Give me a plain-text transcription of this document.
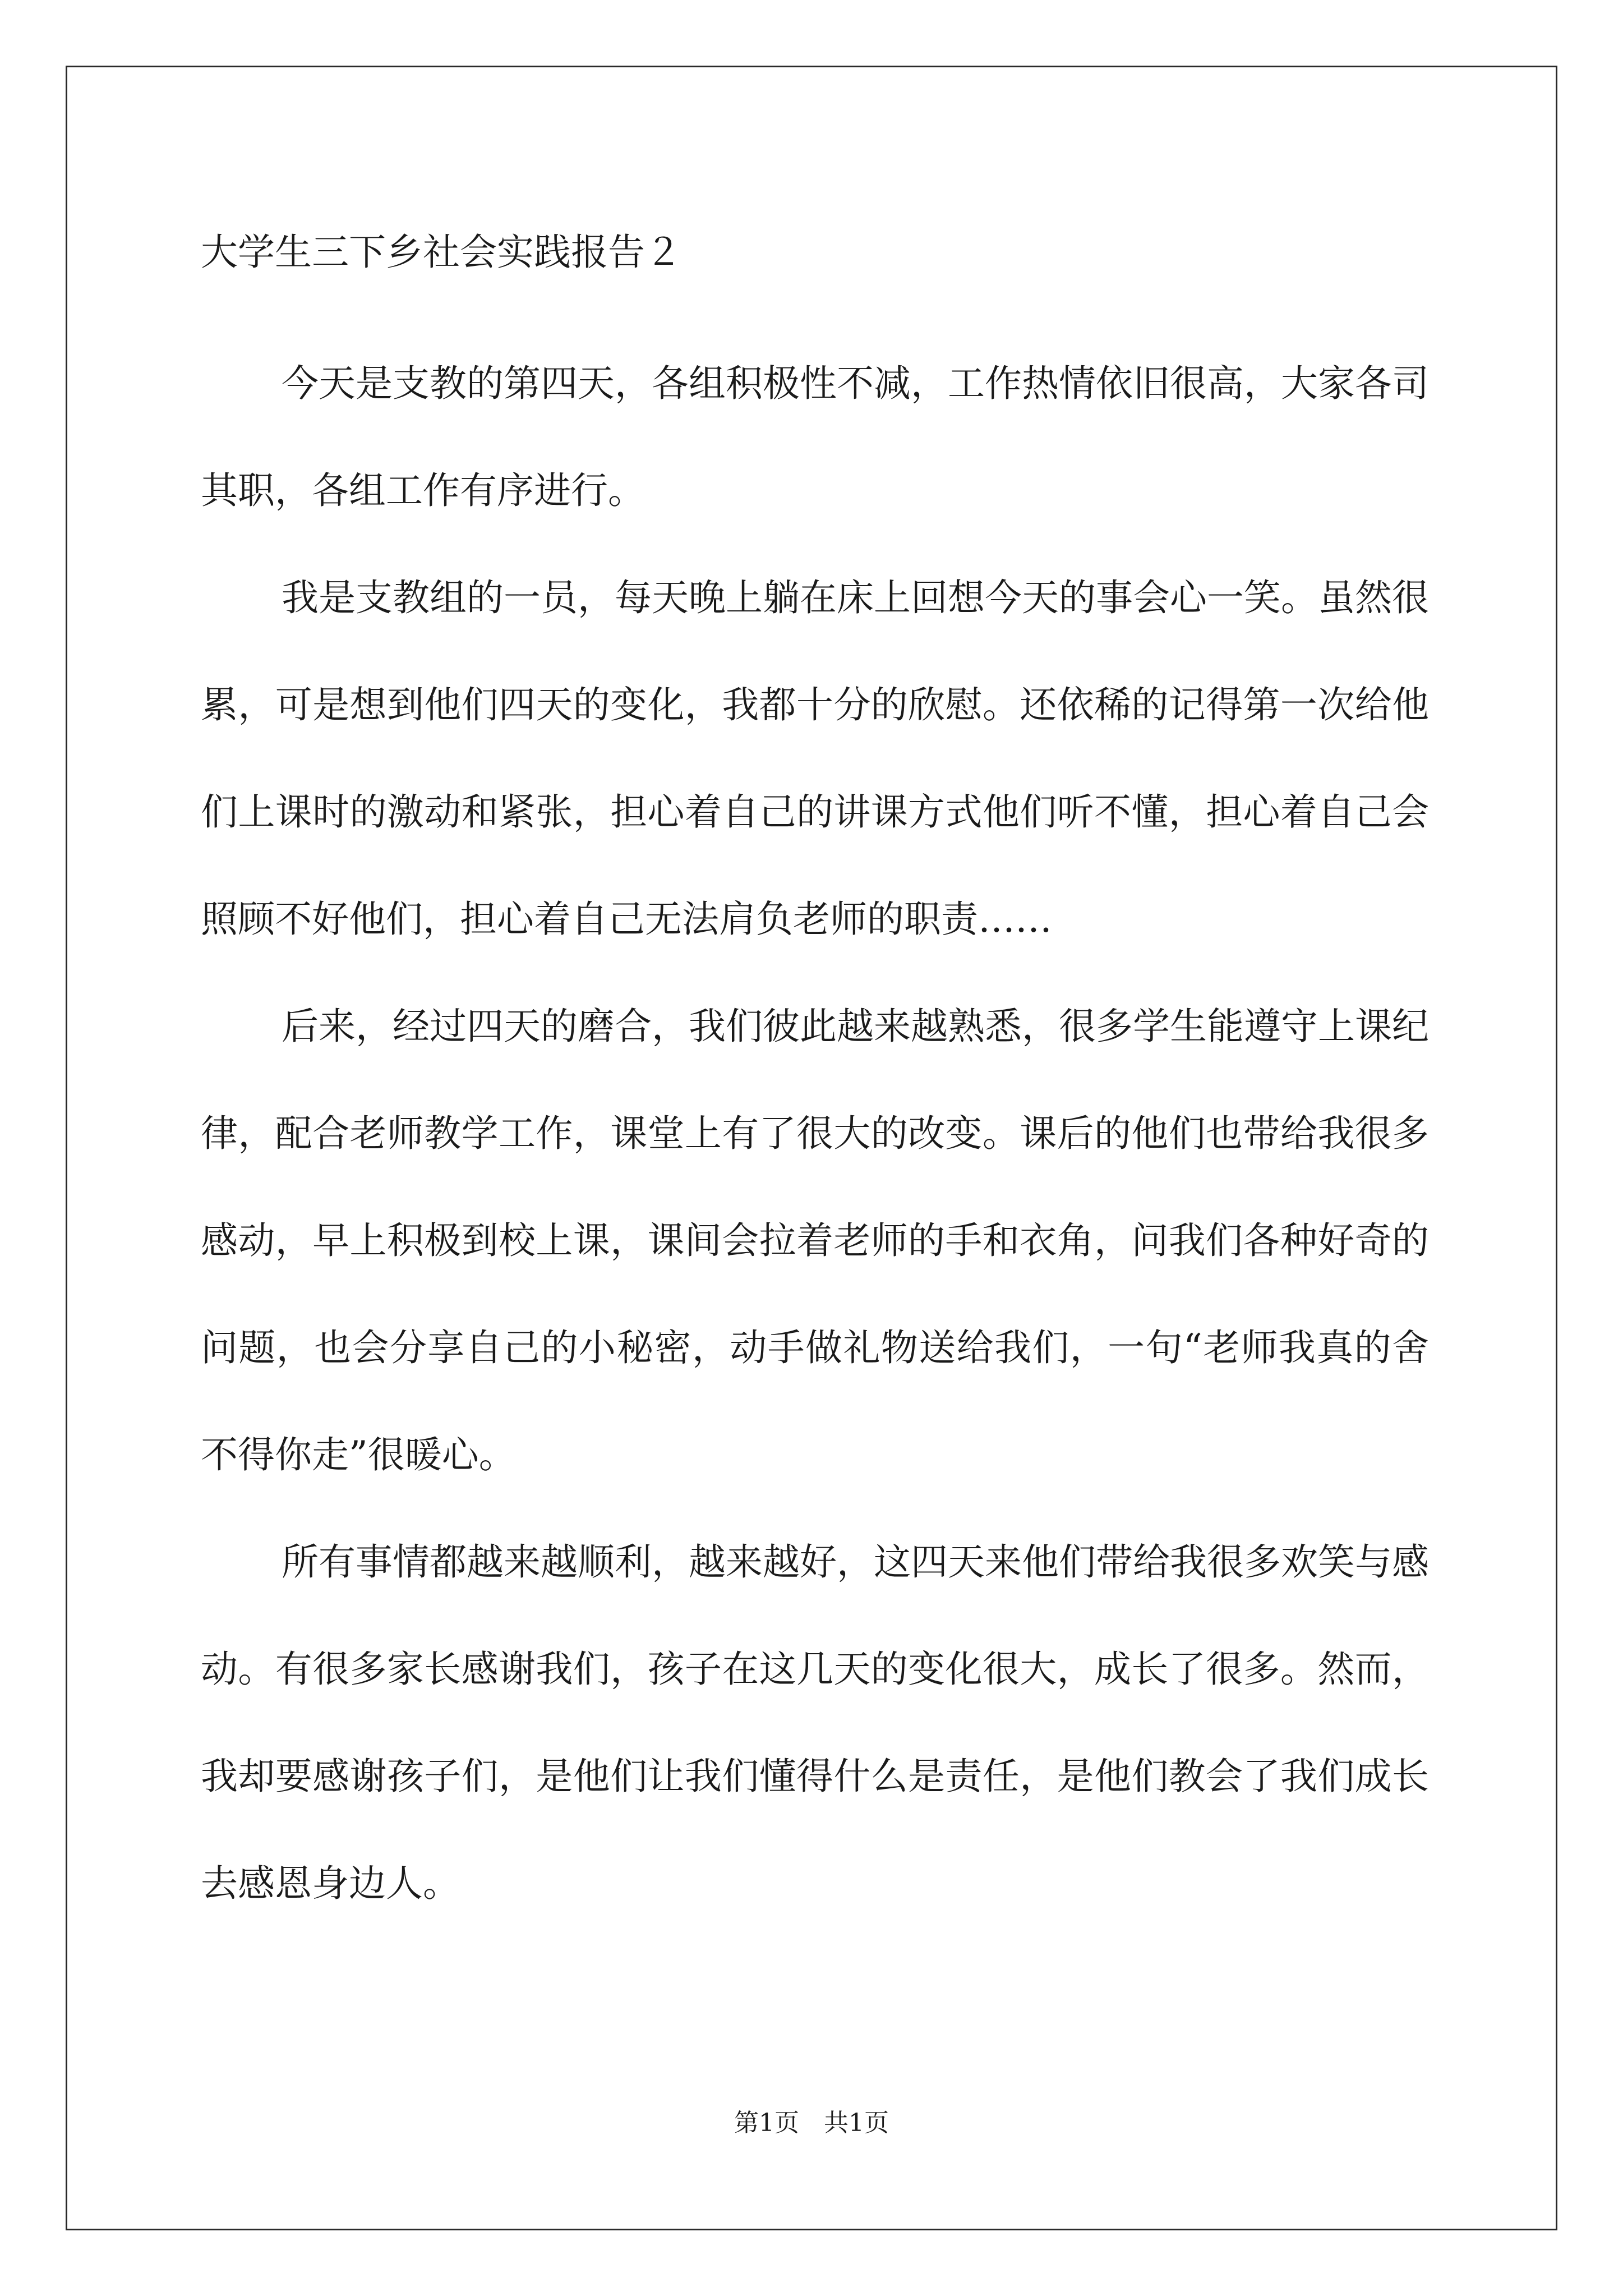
大学生三下乡社会实践报告２

今天是支教的第四天，各组积极性不减，工作热情依旧很高，大家各司其职，各组工作有序进行。

我是支教组的一员，每天晚上躺在床上回想今天的事会心一笑。虽然很累，可是想到他们四天的变化，我都十分的欣慰。还依稀的记得第一次给他们上课时的激动和紧张，担心着自己的讲课方式他们听不懂，担心着自己会照顾不好他们，担心着自己无法肩负老师的职责……

后来，经过四天的磨合，我们彼此越来越熟悉，很多学生能遵守上课纪律，配合老师教学工作，课堂上有了很大的改变。课后的他们也带给我很多感动，早上积极到校上课，课间会拉着老师的手和衣角，问我们各种好奇的问题，也会分享自己的小秘密，动手做礼物送给我们，一句“老师我真的舍不得你走”很暖心。

所有事情都越来越顺利，越来越好，这四天来他们带给我很多欢笑与感动。有很多家长感谢我们，孩子在这几天的变化很大，成长了很多。然而，我却要感谢孩子们，是他们让我们懂得什么是责任，是他们教会了我们成长去感恩身边人。

第1页　共1页
